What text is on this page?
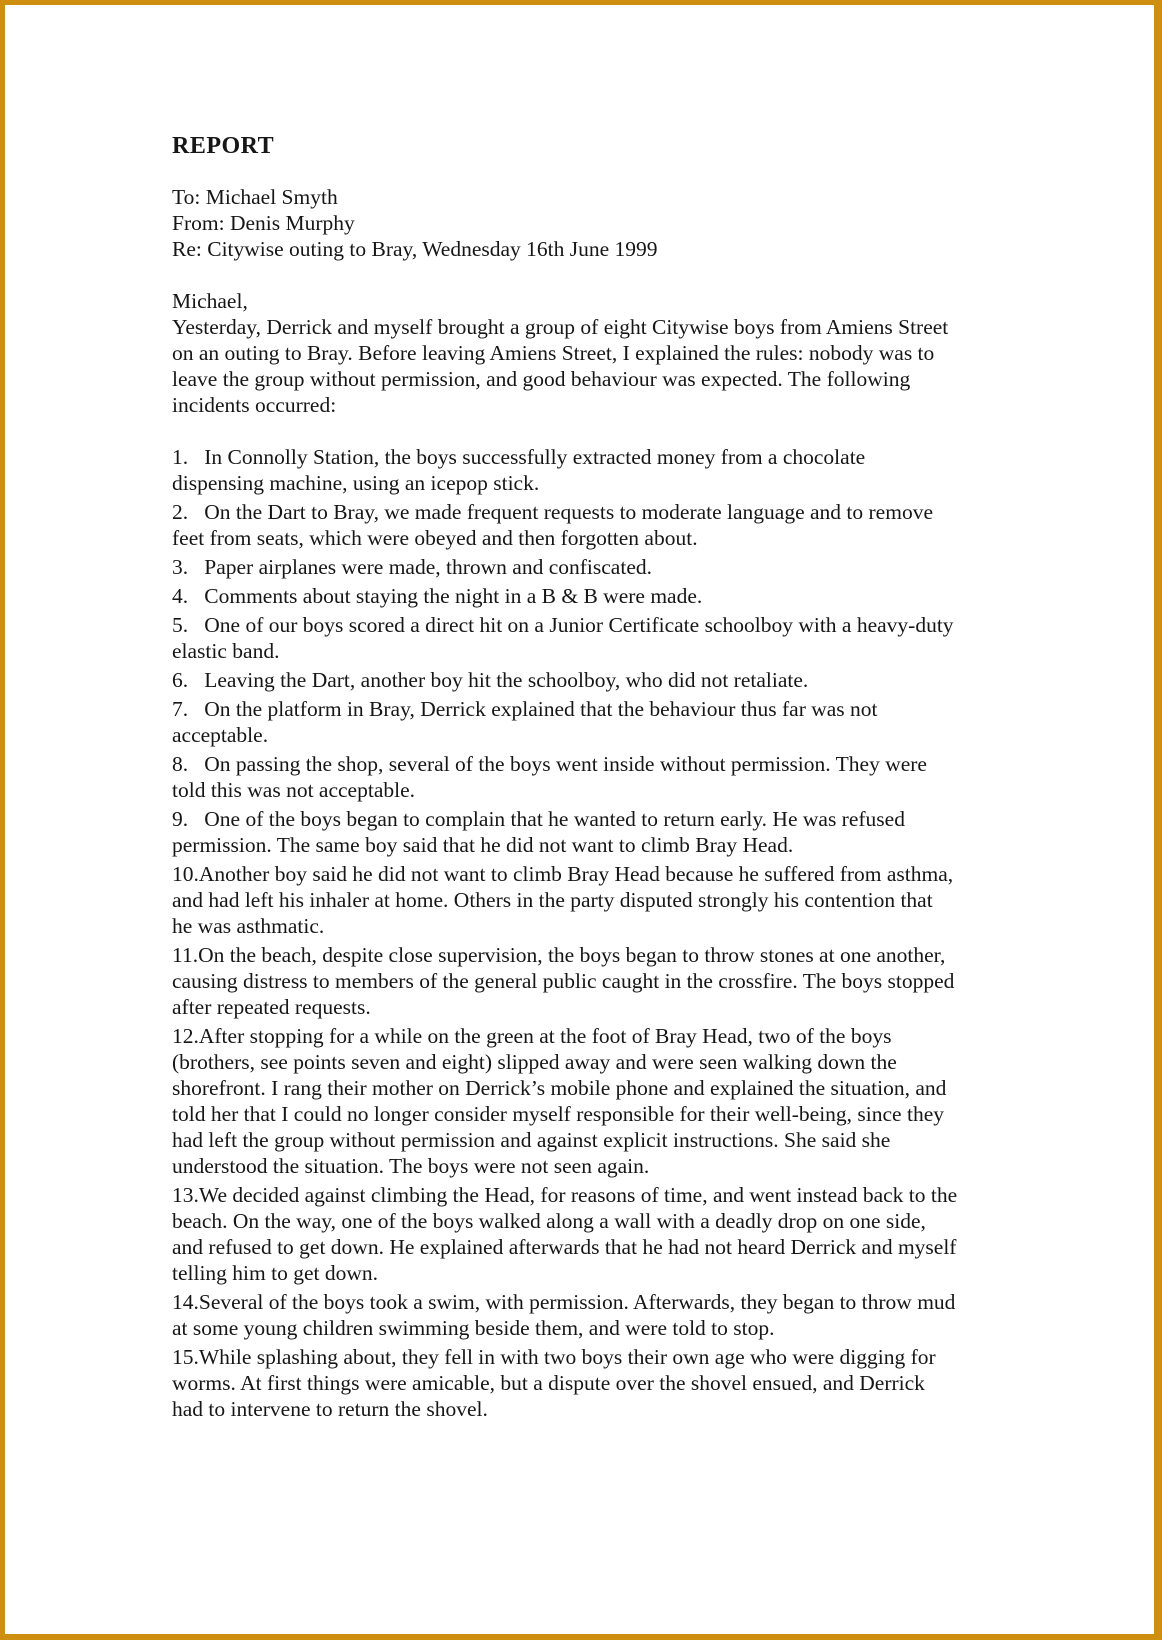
REPORT

To: Michael Smyth

From: Denis Murphy

Re: Citywise outing to Bray, Wednesday 16th June 1999

Michael,

Yesterday, Derrick and myself brought a group of eight Citywise boys from Amiens Street on an outing to Bray. Before leaving Amiens Street, I explained the rules: nobody was to leave the group without permission, and good behaviour was expected. The following incidents occurred:

1.   In Connolly Station, the boys successfully extracted money from a chocolate dispensing machine, using an icepop stick.

2.   On the Dart to Bray, we made frequent requests to moderate language and to remove feet from seats, which were obeyed and then forgotten about.

3.   Paper airplanes were made, thrown and confiscated.

4.   Comments about staying the night in a B & B were made.

5.   One of our boys scored a direct hit on a Junior Certificate schoolboy with a heavy-duty elastic band.

6.   Leaving the Dart, another boy hit the schoolboy, who did not retaliate.

7.   On the platform in Bray, Derrick explained that the behaviour thus far was not acceptable.

8.   On passing the shop, several of the boys went inside without permission. They were told this was not acceptable.

9.   One of the boys began to complain that he wanted to return early. He was refused permission. The same boy said that he did not want to climb Bray Head.

10.Another boy said he did not want to climb Bray Head because he suffered from asthma, and had left his inhaler at home. Others in the party disputed strongly his contention that he was asthmatic.

11.On the beach, despite close supervision, the boys began to throw stones at one another, causing distress to members of the general public caught in the crossfire. The boys stopped after repeated requests.

12.After stopping for a while on the green at the foot of Bray Head, two of the boys (brothers, see points seven and eight) slipped away and were seen walking down the shorefront. I rang their mother on Derrick’s mobile phone and explained the situation, and told her that I could no longer consider myself responsible for their well-being, since they had left the group without permission and against explicit instructions. She said she understood the situation. The boys were not seen again.

13.We decided against climbing the Head, for reasons of time, and went instead back to the beach. On the way, one of the boys walked along a wall with a deadly drop on one side, and refused to get down. He explained afterwards that he had not heard Derrick and myself telling him to get down.

14.Several of the boys took a swim, with permission. Afterwards, they began to throw mud at some young children swimming beside them, and were told to stop.

15.While splashing about, they fell in with two boys their own age who were digging for worms. At first things were amicable, but a dispute over the shovel ensued, and Derrick had to intervene to return the shovel.
